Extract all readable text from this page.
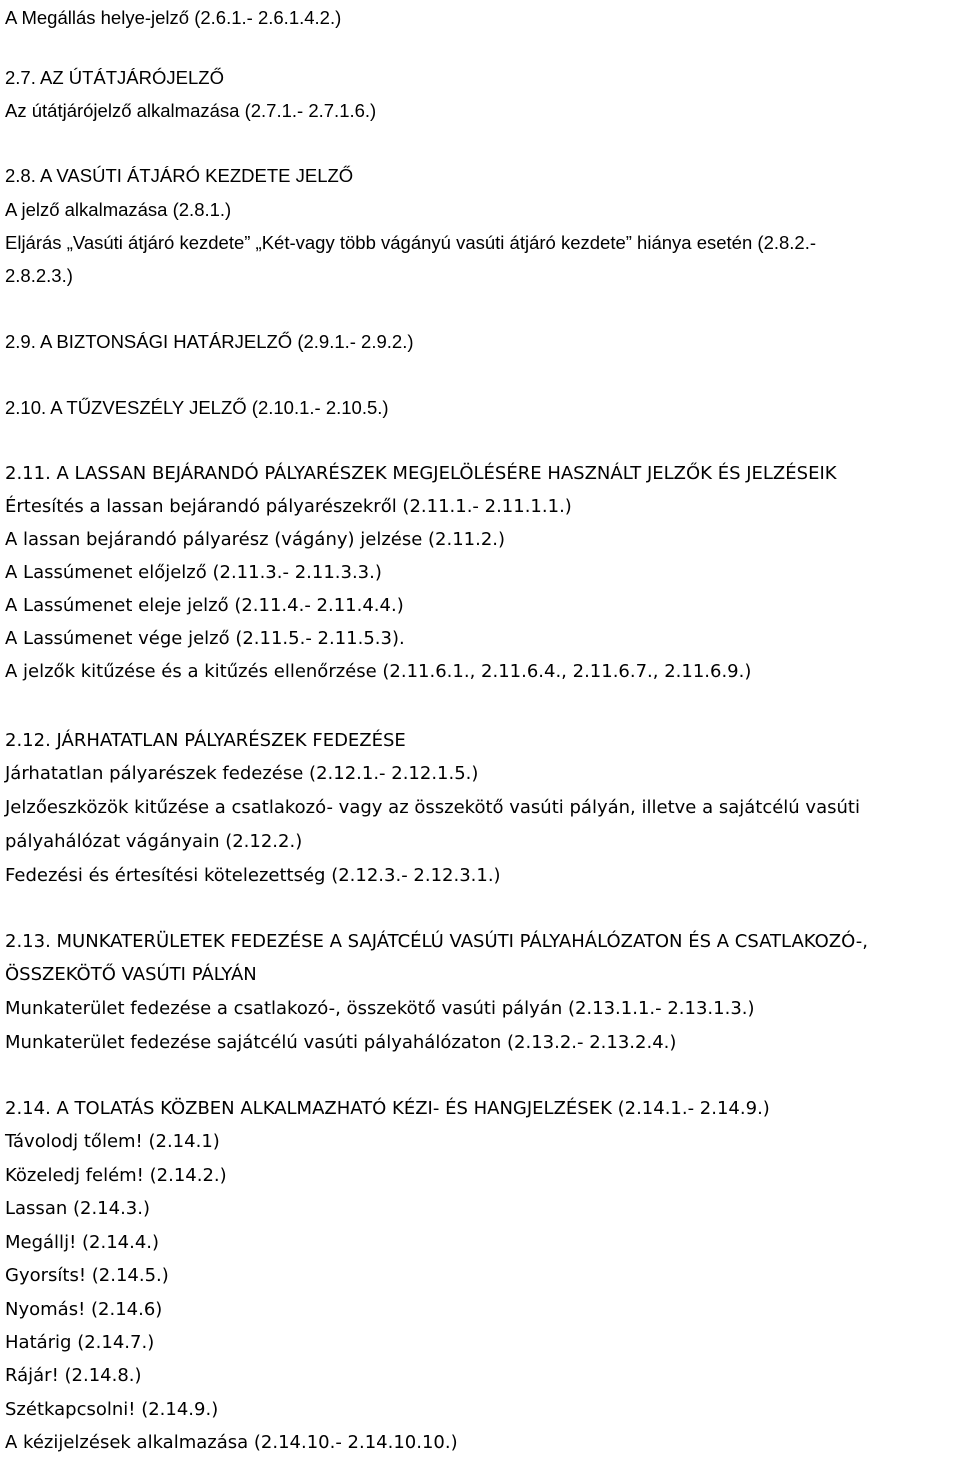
A Megállás helye-jelző (2.6.1.- 2.6.1.4.2.)
2.7. AZ ÚTÁTJÁRÓJELZŐ
Az útátjárójelző alkalmazása (2.7.1.- 2.7.1.6.)
2.8. A VASÚTI ÁTJÁRÓ KEZDETE JELZŐ
A jelző alkalmazása (2.8.1.)
Eljárás „Vasúti átjáró kezdete” „Két-vagy több vágányú vasúti átjáró kezdete” hiánya esetén (2.8.2.-
2.8.2.3.)
2.9. A BIZTONSÁGI HATÁRJELZŐ (2.9.1.- 2.9.2.)
2.10. A TŰZVESZÉLY JELZŐ (2.10.1.- 2.10.5.)
2.11. A LASSAN BEJÁRANDÓ PÁLYARÉSZEK MEGJELÖLÉSÉRE HASZNÁLT JELZŐK ÉS JELZÉSEIK
Értesítés a lassan bejárandó pályarészekről (2.11.1.- 2.11.1.1.)
A lassan bejárandó pályarész (vágány) jelzése (2.11.2.)
A Lassúmenet előjelző (2.11.3.- 2.11.3.3.)
A Lassúmenet eleje jelző (2.11.4.- 2.11.4.4.)
A Lassúmenet vége jelző (2.11.5.- 2.11.5.3).
A jelzők kitűzése és a kitűzés ellenőrzése (2.11.6.1., 2.11.6.4., 2.11.6.7., 2.11.6.9.)
2.12. JÁRHATATLAN PÁLYARÉSZEK FEDEZÉSE
Járhatatlan pályarészek fedezése (2.12.1.- 2.12.1.5.)
Jelzőeszközök kitűzése a csatlakozó- vagy az összekötő vasúti pályán, illetve a sajátcélú vasúti
pályahálózat vágányain (2.12.2.)
Fedezési és értesítési kötelezettség (2.12.3.- 2.12.3.1.)
2.13. MUNKATERÜLETEK FEDEZÉSE A SAJÁTCÉLÚ VASÚTI PÁLYAHÁLÓZATON ÉS A CSATLAKOZÓ-,
ÖSSZEKÖTŐ VASÚTI PÁLYÁN
Munkaterület fedezése a csatlakozó-, összekötő vasúti pályán (2.13.1.1.- 2.13.1.3.)
Munkaterület fedezése sajátcélú vasúti pályahálózaton (2.13.2.- 2.13.2.4.)
2.14. A TOLATÁS KÖZBEN ALKALMAZHATÓ KÉZI- ÉS HANGJELZÉSEK (2.14.1.- 2.14.9.)
Távolodj tőlem! (2.14.1)
Közeledj felém! (2.14.2.)
Lassan (2.14.3.)
Megállj! (2.14.4.)
Gyorsíts! (2.14.5.)
Nyomás! (2.14.6)
Határig (2.14.7.)
Rájár! (2.14.8.)
Szétkapcsolni! (2.14.9.)
A kézijelzések alkalmazása (2.14.10.- 2.14.10.10.)
